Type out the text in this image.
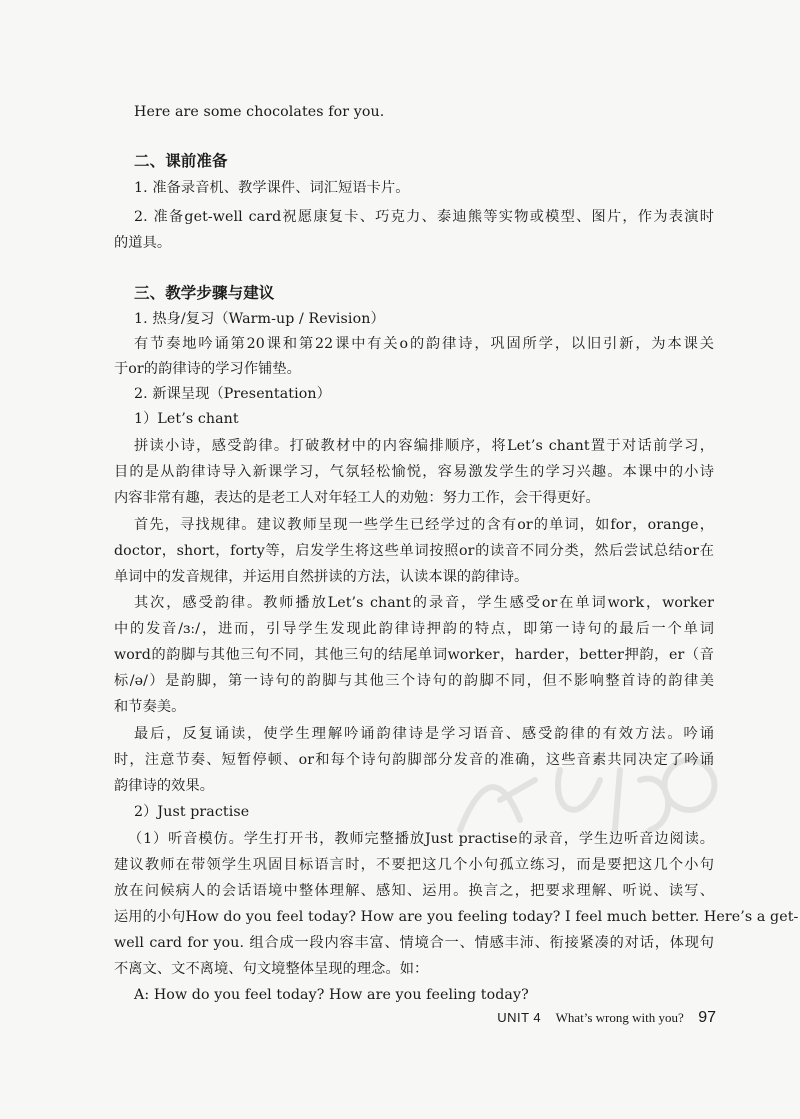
Here are some chocolates for you.
二、课前准备
1. 准备录音机、教学课件、词汇短语卡片。
2. 准备get-well card祝愿康复卡、巧克力、泰迪熊等实物或模型、图片，作为表演时
的道具。
三、教学步骤与建议
1. 热身/复习（Warm-up / Revision）
有节奏地吟诵第20课和第22课中有关o的韵律诗，巩固所学，以旧引新，为本课关
于or的韵律诗的学习作铺垫。
2. 新课呈现（Presentation）
1）Let’s chant
拼读小诗，感受韵律。打破教材中的内容编排顺序，将Let’s chant置于对话前学习，
目的是从韵律诗导入新课学习，气氛轻松愉悦，容易激发学生的学习兴趣。本课中的小诗
内容非常有趣，表达的是老工人对年轻工人的劝勉：努力工作，会干得更好。
首先，寻找规律。建议教师呈现一些学生已经学过的含有or的单词，如for，orange，
doctor，short，forty等，启发学生将这些单词按照or的读音不同分类，然后尝试总结or在
单词中的发音规律，并运用自然拼读的方法，认读本课的韵律诗。
其次，感受韵律。教师播放Let’s chant的录音，学生感受or在单词work，worker
中的发音/ɜː/，进而，引导学生发现此韵律诗押韵的特点，即第一诗句的最后一个单词
word的韵脚与其他三句不同，其他三句的结尾单词worker，harder，better押韵，er（音
标/ə/）是韵脚，第一诗句的韵脚与其他三个诗句的韵脚不同，但不影响整首诗的韵律美
和节奏美。
最后，反复诵读，使学生理解吟诵韵律诗是学习语音、感受韵律的有效方法。吟诵
时，注意节奏、短暂停顿、or和每个诗句韵脚部分发音的准确，这些音素共同决定了吟诵
韵律诗的效果。
2）Just practise
（1）听音模仿。学生打开书，教师完整播放Just practise的录音，学生边听音边阅读。
建议教师在带领学生巩固目标语言时，不要把这几个小句孤立练习，而是要把这几个小句
放在问候病人的会话语境中整体理解、感知、运用。换言之，把要求理解、听说、读写、
运用的小句How do you feel today? How are you feeling today? I feel much better. Here’s a get-
well card for you. 组合成一段内容丰富、情境合一、情感丰沛、衔接紧凑的对话，体现句
不离文、文不离境、句文境整体呈现的理念。如：
A: How do you feel today? How are you feeling today?
UNIT 4 What’s wrong with you? 97
